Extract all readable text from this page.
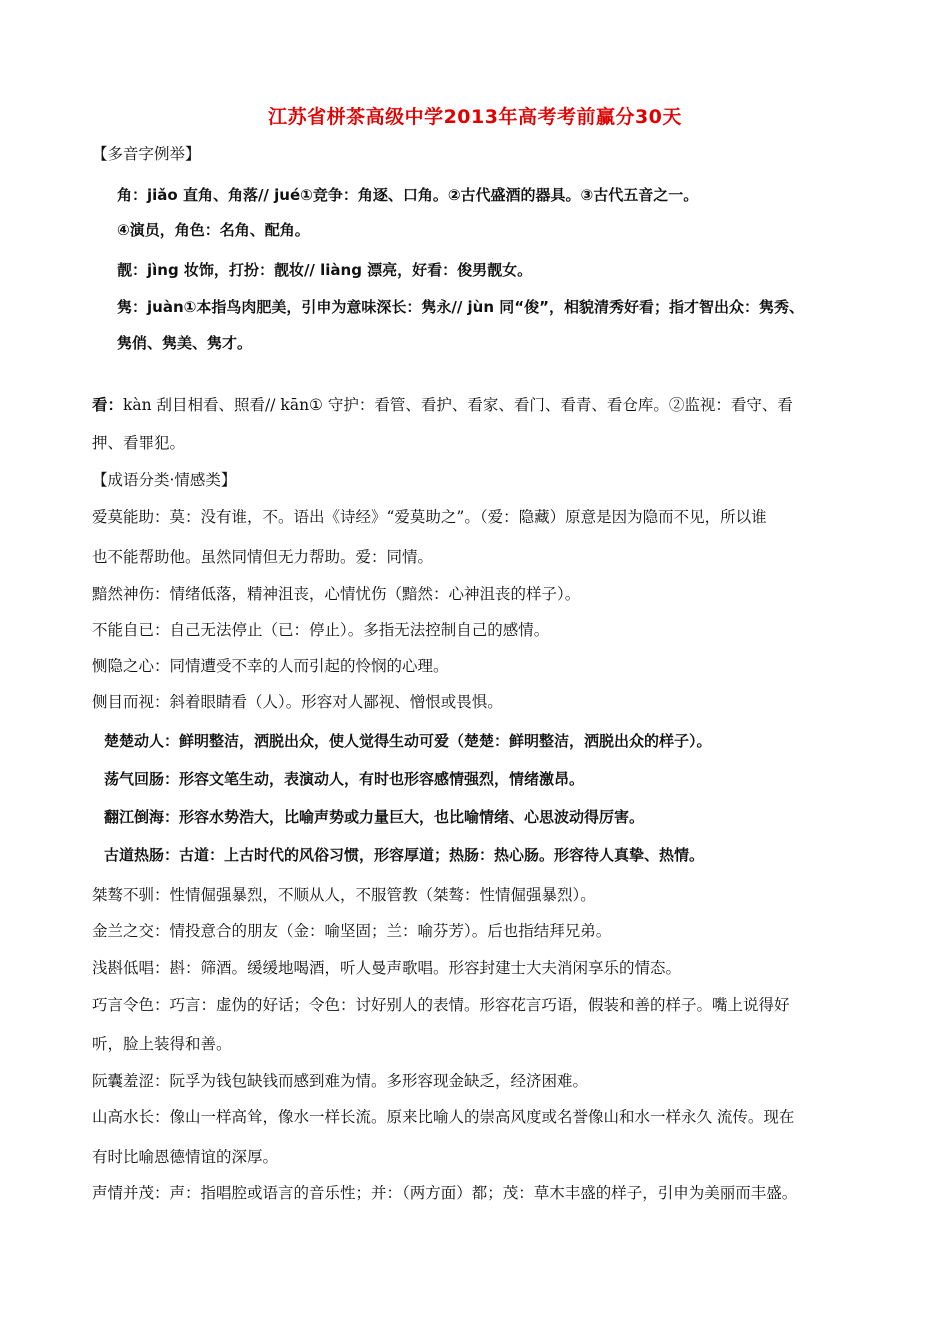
江苏省栟茶高级中学2013年高考考前赢分30天
【多音字例举】
角：jiǎo 直角、角落// jué①竞争：角逐、口角。②古代盛酒的器具。③古代五音之一。
④演员，角色：名角、配角。
靓：jìng 妆饰，打扮：靓妆// liàng 漂亮，好看：俊男靓女。
隽：juàn①本指鸟肉肥美，引申为意味深长：隽永// jùn 同“俊”，相貌清秀好看；指才智出众：隽秀、
隽俏、隽美、隽才。
看：kàn 刮目相看、照看// kān① 守护：看管、看护、看家、看门、看青、看仓库。②监视：看守、看
押、看罪犯。
【成语分类·情感类】
爱莫能助：莫：没有谁，不。语出《诗经》“爱莫助之”。（爱：隐藏）原意是因为隐而不见，所以谁
也不能帮助他。虽然同情但无力帮助。爱：同情。
黯然神伤：情绪低落，精神沮丧，心情忧伤（黯然：心神沮丧的样子）。
不能自已：自己无法停止（已：停止）。多指无法控制自己的感情。
恻隐之心：同情遭受不幸的人而引起的怜悯的心理。
侧目而视：斜着眼睛看（人）。形容对人鄙视、憎恨或畏惧。
楚楚动人：鲜明整洁，洒脱出众，使人觉得生动可爱（楚楚：鲜明整洁，洒脱出众的样子）。
荡气回肠：形容文笔生动，表演动人，有时也形容感情强烈，情绪激昂。
翻江倒海：形容水势浩大，比喻声势或力量巨大，也比喻情绪、心思波动得厉害。
古道热肠：古道：上古时代的风俗习惯，形容厚道；热肠：热心肠。形容待人真挚、热情。
桀骜不驯：性情倔强暴烈，不顺从人，不服管教（桀骜：性情倔强暴烈）。
金兰之交：情投意合的朋友（金：喻坚固；兰：喻芬芳）。后也指结拜兄弟。
浅斟低唱：斟：筛酒。缓缓地喝酒，听人曼声歌唱。形容封建士大夫消闲享乐的情态。
巧言令色：巧言：虚伪的好话；令色：讨好别人的表情。形容花言巧语，假装和善的样子。嘴上说得好
听，脸上装得和善。
阮囊羞涩：阮孚为钱包缺钱而感到难为情。多形容现金缺乏，经济困难。
山高水长：像山一样高耸，像水一样长流。原来比喻人的崇高风度或名誉像山和水一样永久 流传。现在
有时比喻恩德情谊的深厚。
声情并茂：声：指唱腔或语言的音乐性；并：（两方面）都；茂：草木丰盛的样子，引申为美丽而丰盛。
